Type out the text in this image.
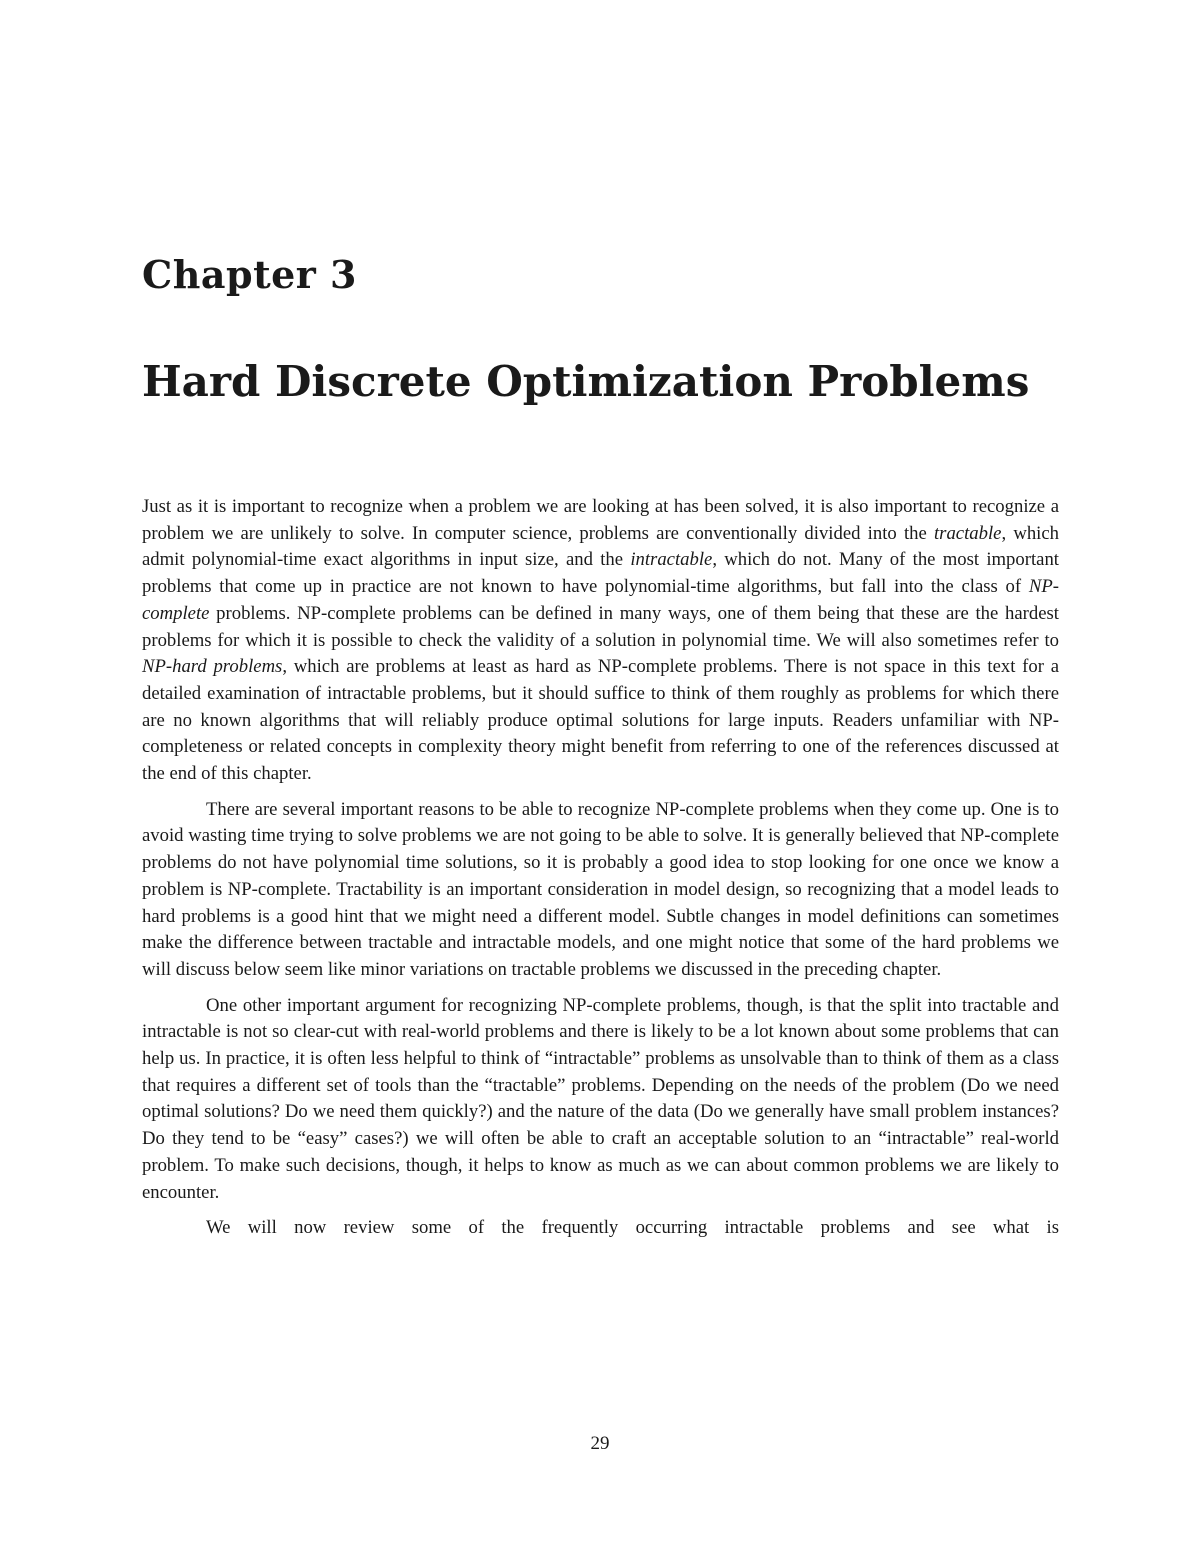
Chapter 3
Hard Discrete Optimization Problems

Just as it is important to recognize when a problem we are looking at has been solved, it is also important to recognize a problem we are unlikely to solve. In computer science, problems are conventionally divided into the tractable, which admit polynomial-time exact algorithms in input size, and the intractable, which do not. Many of the most important problems that come up in practice are not known to have polynomial-time algorithms, but fall into the class of NP-complete problems. NP-complete problems can be defined in many ways, one of them being that these are the hardest problems for which it is possible to check the validity of a solution in polynomial time. We will also sometimes refer to NP-hard problems, which are problems at least as hard as NP-complete problems. There is not space in this text for a detailed examination of intractable problems, but it should suffice to think of them roughly as problems for which there are no known algorithms that will reliably produce optimal solutions for large inputs. Readers unfamiliar with NP-completeness or related concepts in complexity theory might benefit from referring to one of the references discussed at the end of this chapter.

There are several important reasons to be able to recognize NP-complete problems when they come up. One is to avoid wasting time trying to solve problems we are not going to be able to solve. It is generally believed that NP-complete problems do not have polynomial time solutions, so it is probably a good idea to stop looking for one once we know a problem is NP-complete. Tractability is an important consideration in model design, so recognizing that a model leads to hard problems is a good hint that we might need a different model. Subtle changes in model definitions can sometimes make the difference between tractable and intractable models, and one might notice that some of the hard problems we will discuss below seem like minor variations on tractable problems we discussed in the preceding chapter.

One other important argument for recognizing NP-complete problems, though, is that the split into tractable and intractable is not so clear-cut with real-world problems and there is likely to be a lot known about some problems that can help us. In practice, it is often less helpful to think of “intractable” problems as unsolvable than to think of them as a class that requires a different set of tools than the “tractable” problems. Depending on the needs of the problem (Do we need optimal solutions? Do we need them quickly?) and the nature of the data (Do we generally have small problem instances? Do they tend to be “easy” cases?) we will often be able to craft an acceptable solution to an “intractable” real-world problem. To make such decisions, though, it helps to know as much as we can about common problems we are likely to encounter.

We will now review some of the frequently occurring intractable problems and see what is

29
